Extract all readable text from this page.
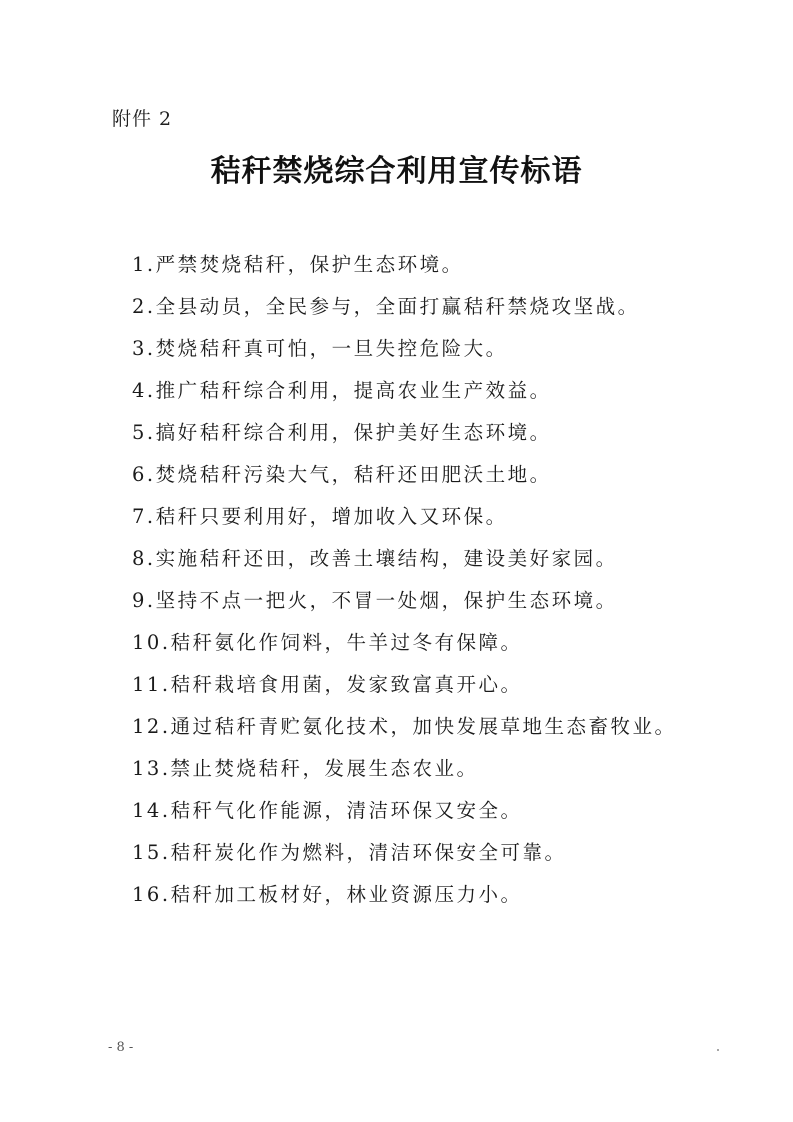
附件 2
秸秆禁烧综合利用宣传标语
1.严禁焚烧秸秆，保护生态环境。
2.全县动员，全民参与，全面打赢秸秆禁烧攻坚战。
3.焚烧秸秆真可怕，一旦失控危险大。
4.推广秸秆综合利用，提高农业生产效益。
5.搞好秸秆综合利用，保护美好生态环境。
6.焚烧秸秆污染大气，秸秆还田肥沃土地。
7.秸秆只要利用好，增加收入又环保。
8.实施秸秆还田，改善土壤结构，建设美好家园。
9.坚持不点一把火，不冒一处烟，保护生态环境。
10.秸秆氨化作饲料，牛羊过冬有保障。
11.秸秆栽培食用菌，发家致富真开心。
12.通过秸秆青贮氨化技术，加快发展草地生态畜牧业。
13.禁止焚烧秸秆，发展生态农业。
14.秸秆气化作能源，清洁环保又安全。
15.秸秆炭化作为燃料，清洁环保安全可靠。
16.秸秆加工板材好，林业资源压力小。
- 8 -
